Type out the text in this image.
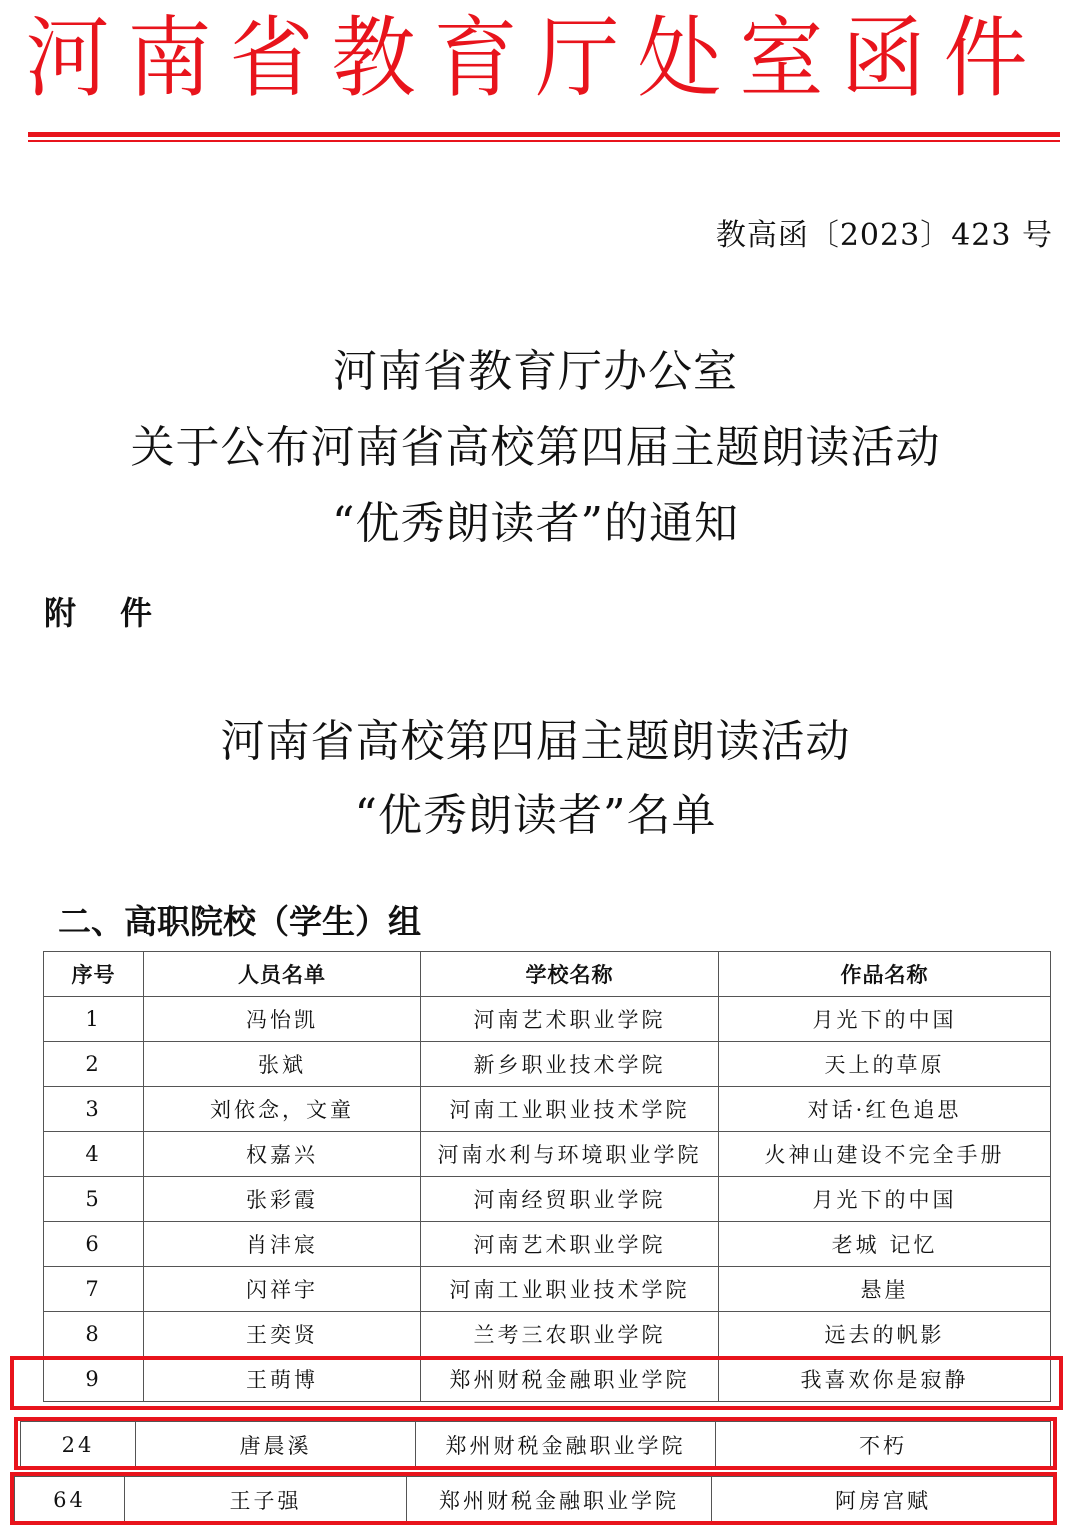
河南省教育厅处室函件
教高函〔2023〕423 号
河南省教育厅办公室
关于公布河南省高校第四届主题朗读活动
“优秀朗读者”的通知
附　件
河南省高校第四届主题朗读活动
“优秀朗读者”名单
二、高职院校（学生）组
序号	人员名单	学校名称	作品名称
1	冯怡凯	河南艺术职业学院	月光下的中国
2	张斌	新乡职业技术学院	天上的草原
3	刘依念，文童	河南工业职业技术学院	对话·红色追思
4	权嘉兴	河南水利与环境职业学院	火神山建设不完全手册
5	张彩霞	河南经贸职业学院	月光下的中国
6	肖沣宸	河南艺术职业学院	老城 记忆
7	闪祥宇	河南工业职业技术学院	悬崖
8	王奕贤	兰考三农职业学院	远去的帆影
9	王萌博	郑州财税金融职业学院	我喜欢你是寂静
24	唐晨溪	郑州财税金融职业学院	不朽
64	王子强	郑州财税金融职业学院	阿房宫赋
